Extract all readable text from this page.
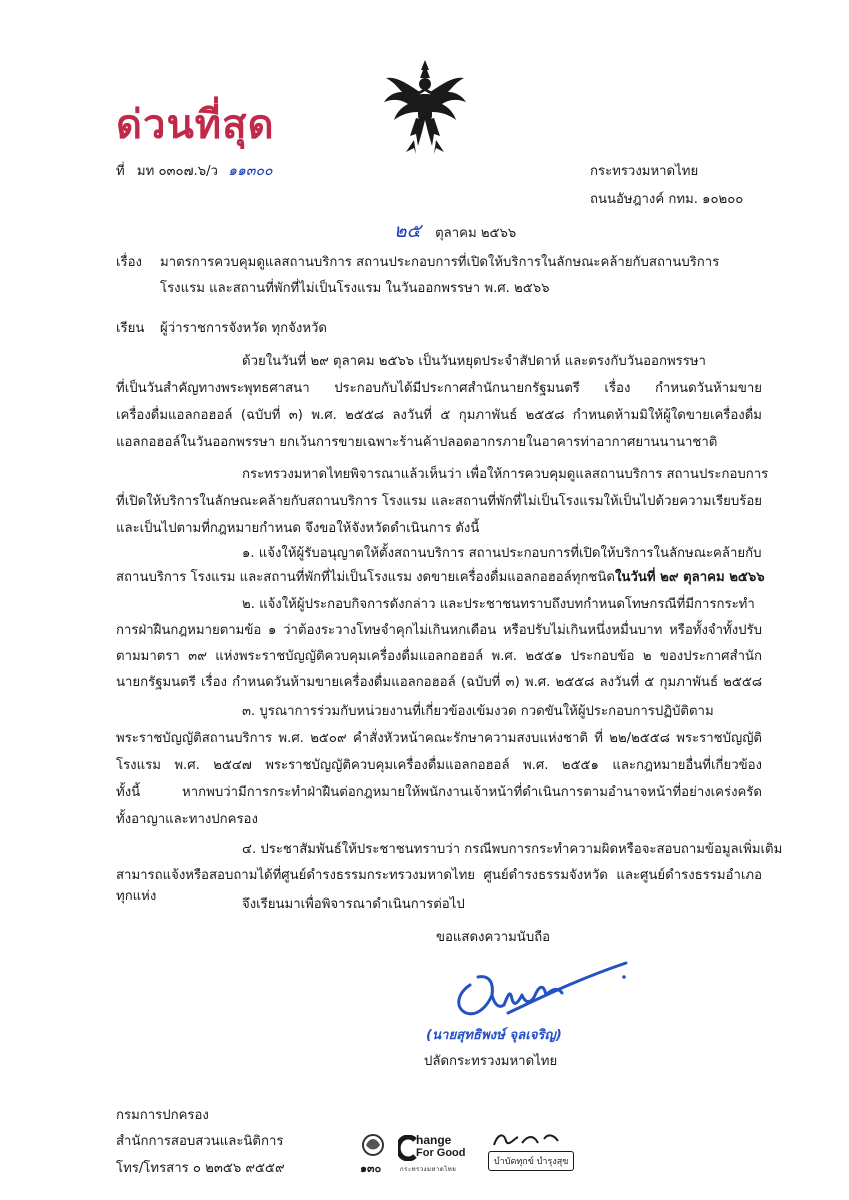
ด่วนที่สุด
ที่ มท ๐๓๐๗.๖/ว ๑๑๓๐๐	กระทรวงมหาดไทย
ถนนอัษฎางค์ กทม. ๑๐๒๐๐
๒๕ ตุลาคม ๒๕๖๖
เรื่อง มาตรการควบคุมดูแลสถานบริการ สถานประกอบการที่เปิดให้บริการในลักษณะคล้ายกับสถานบริการ
โรงแรม และสถานที่พักที่ไม่เป็นโรงแรม ในวันออกพรรษา พ.ศ. ๒๕๖๖
เรียน ผู้ว่าราชการจังหวัด ทุกจังหวัด
ด้วยในวันที่ ๒๙ ตุลาคม ๒๕๖๖ เป็นวันหยุดประจำสัปดาห์ และตรงกับวันออกพรรษา
ที่เป็นวันสำคัญทางพระพุทธศาสนา ประกอบกับได้มีประกาศสำนักนายกรัฐมนตรี เรื่อง กำหนดวันห้ามขาย
เครื่องดื่มแอลกอฮอล์ (ฉบับที่ ๓) พ.ศ. ๒๕๕๘ ลงวันที่ ๕ กุมภาพันธ์ ๒๕๕๘ กำหนดห้ามมิให้ผู้ใดขายเครื่องดื่ม
แอลกอฮอล์ในวันออกพรรษา ยกเว้นการขายเฉพาะร้านค้าปลอดอากรภายในอาคารท่าอากาศยานนานาชาติ
กระทรวงมหาดไทยพิจารณาแล้วเห็นว่า เพื่อให้การควบคุมดูแลสถานบริการ สถานประกอบการ
ที่เปิดให้บริการในลักษณะคล้ายกับสถานบริการ โรงแรม และสถานที่พักที่ไม่เป็นโรงแรมให้เป็นไปด้วยความเรียบร้อย
และเป็นไปตามที่กฎหมายกำหนด จึงขอให้จังหวัดดำเนินการ ดังนี้
๑. แจ้งให้ผู้รับอนุญาตให้ตั้งสถานบริการ สถานประกอบการที่เปิดให้บริการในลักษณะคล้ายกับ
สถานบริการ โรงแรม และสถานที่พักที่ไม่เป็นโรงแรม งดขายเครื่องดื่มแอลกอฮอล์ทุกชนิดในวันที่ ๒๙ ตุลาคม ๒๕๖๖
๒. แจ้งให้ผู้ประกอบกิจการดังกล่าว และประชาชนทราบถึงบทกำหนดโทษกรณีที่มีการกระทำ
การฝ่าฝืนกฎหมายตามข้อ ๑ ว่าต้องระวางโทษจำคุกไม่เกินหกเดือน หรือปรับไม่เกินหนึ่งหมื่นบาท หรือทั้งจำทั้งปรับ
ตามมาตรา ๓๙ แห่งพระราชบัญญัติควบคุมเครื่องดื่มแอลกอฮอล์ พ.ศ. ๒๕๕๑ ประกอบข้อ ๒ ของประกาศสำนัก
นายกรัฐมนตรี เรื่อง กำหนดวันห้ามขายเครื่องดื่มแอลกอฮอล์ (ฉบับที่ ๓) พ.ศ. ๒๕๕๘ ลงวันที่ ๕ กุมภาพันธ์ ๒๕๕๘
๓. บูรณาการร่วมกับหน่วยงานที่เกี่ยวข้องเข้มงวด กวดขันให้ผู้ประกอบการปฏิบัติตาม
พระราชบัญญัติสถานบริการ พ.ศ. ๒๕๐๙ คำสั่งหัวหน้าคณะรักษาความสงบแห่งชาติ ที่ ๒๒/๒๕๕๘ พระราชบัญญัติ
โรงแรม พ.ศ. ๒๕๔๗ พระราชบัญญัติควบคุมเครื่องดื่มแอลกอฮอล์ พ.ศ. ๒๕๕๑ และกฎหมายอื่นที่เกี่ยวข้อง
ทั้งนี้ หากพบว่ามีการกระทำฝ่าฝืนต่อกฎหมายให้พนักงานเจ้าหน้าที่ดำเนินการตามอำนาจหน้าที่อย่างเคร่งครัด
ทั้งอาญาและทางปกครอง
๔. ประชาสัมพันธ์ให้ประชาชนทราบว่า กรณีพบการกระทำความผิดหรือจะสอบถามข้อมูลเพิ่มเติม
สามารถแจ้งหรือสอบถามได้ที่ศูนย์ดำรงธรรมกระทรวงมหาดไทย ศูนย์ดำรงธรรมจังหวัด และศูนย์ดำรงธรรมอำเภอทุกแห่ง
จึงเรียนมาเพื่อพิจารณาดำเนินการต่อไป
ขอแสดงความนับถือ
(นายสุทธิพงษ์ จุลเจริญ)
ปลัดกระทรวงมหาดไทย
กรมการปกครอง
สำนักการสอบสวนและนิติการ
โทร/โทรสาร ๐ ๒๓๕๖ ๙๕๕๙	๑๓๐
hange
For Good
กระทรวงมหาดไทย
บำบัดทุกข์ บำรุงสุข
